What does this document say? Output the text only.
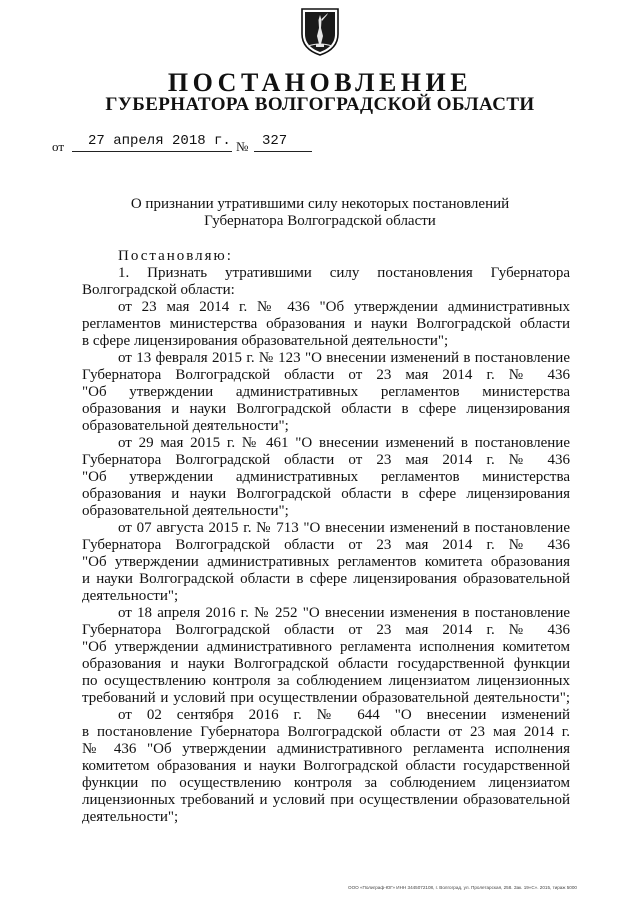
ПОСТАНОВЛЕНИЕ
ГУБЕРНАТОРА ВОЛГОГРАДСКОЙ ОБЛАСТИ
от 27 апреля 2018 г. № 327
О признании утратившими силу некоторых постановлений
Губернатора Волгоградской области
Постановляю:
1. Признать утратившими силу постановления Губернатора
Волгоградской области:
от 23 мая 2014 г. № 436 "Об утверждении административных
регламентов министерства образования и науки Волгоградской области
в сфере лицензирования образовательной деятельности";
от 13 февраля 2015 г. № 123 "О внесении изменений в постановление
Губернатора Волгоградской области от 23 мая 2014 г. № 436
"Об утверждении административных регламентов министерства
образования и науки Волгоградской области в сфере лицензирования
образовательной деятельности";
от 29 мая 2015 г. № 461 "О внесении изменений в постановление
Губернатора Волгоградской области от 23 мая 2014 г. № 436
"Об утверждении административных регламентов министерства
образования и науки Волгоградской области в сфере лицензирования
образовательной деятельности";
от 07 августа 2015 г. № 713 "О внесении изменений в постановление
Губернатора Волгоградской области от 23 мая 2014 г. № 436
"Об утверждении административных регламентов комитета образования
и науки Волгоградской области в сфере лицензирования образовательной
деятельности";
от 18 апреля 2016 г. № 252 "О внесении изменения в постановление
Губернатора Волгоградской области от 23 мая 2014 г. № 436
"Об утверждении административного регламента исполнения комитетом
образования и науки Волгоградской области государственной функции
по осуществлению контроля за соблюдением лицензиатом лицензионных
требований и условий при осуществлении образовательной деятельности";
от 02 сентября 2016 г. № 644 "О внесении изменений
в постановление Губернатора Волгоградской области от 23 мая 2014 г.
№ 436 "Об утверждении административного регламента исполнения
комитетом образования и науки Волгоградской области государственной
функции по осуществлению контроля за соблюдением лицензиатом
лицензионных требований и условий при осуществлении образовательной
деятельности";
ООО «Полиграф-ЮГ» ИНН 3445072108, г. Волгоград, ул. Пролетарская, 258. Зак. 19«С». 2015, тираж 5000
